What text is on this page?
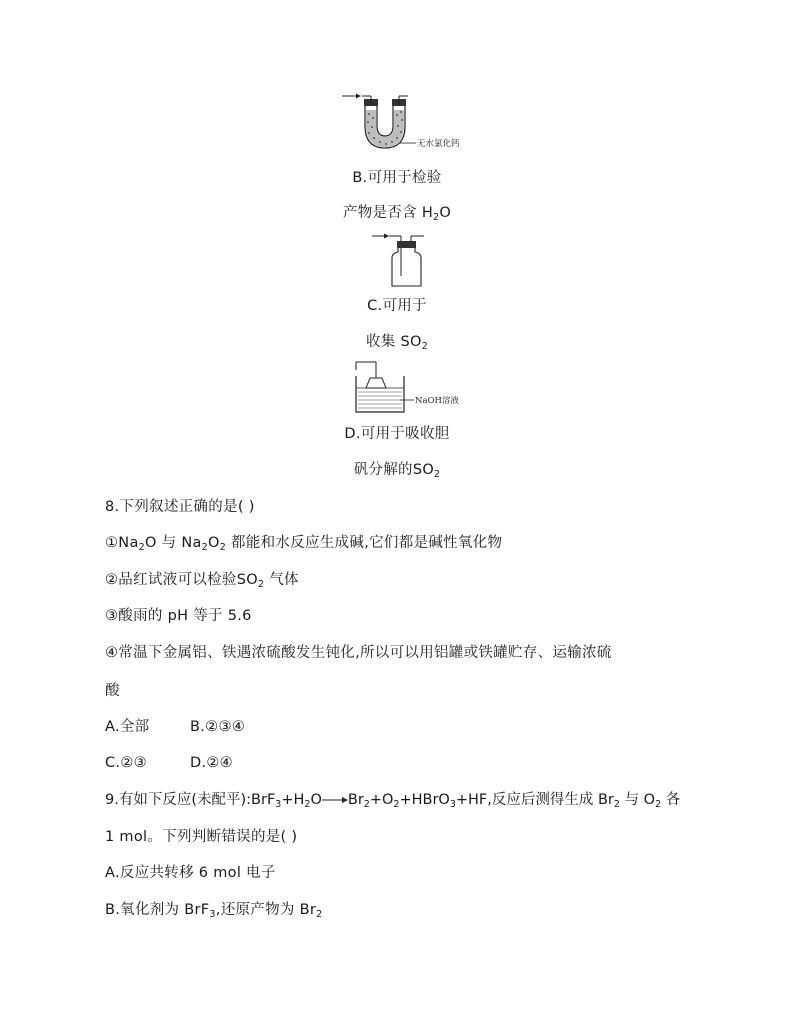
无水氯化钙
B.可用于检验
产物是否含 $H_2O$
C.可用于
收集 $SO_2$
NaOH溶液
D.可用于吸收胆
矾分解的$SO_2$
8.下列叙述正确的是( )
$①Na_2O$ 与 $Na_2O_2$ 都能和水反应生成碱,它们都是碱性氧化物
②品红试液可以检验$SO_2$ 气体
③酸雨的 pH 等于 5.6
④常温下金属铝、铁遇浓硫酸发生钝化,所以可以用铝罐或铁罐贮存、运输浓硫
酸
A.全部	B.②③④
C.②③	D.②④
9.有如下反应(未配平)$:BrF_3+H_2O\to Br_2+O_2+HBrO_3+HF$,反应后测得生成 $Br_2$ 与 $O_2$ 各
1 mol。下列判断错误的是( )
A.反应共转移 6 mol 电子
B.氧化剂为 BrF$_3$,还原产物为 $Br_2$
